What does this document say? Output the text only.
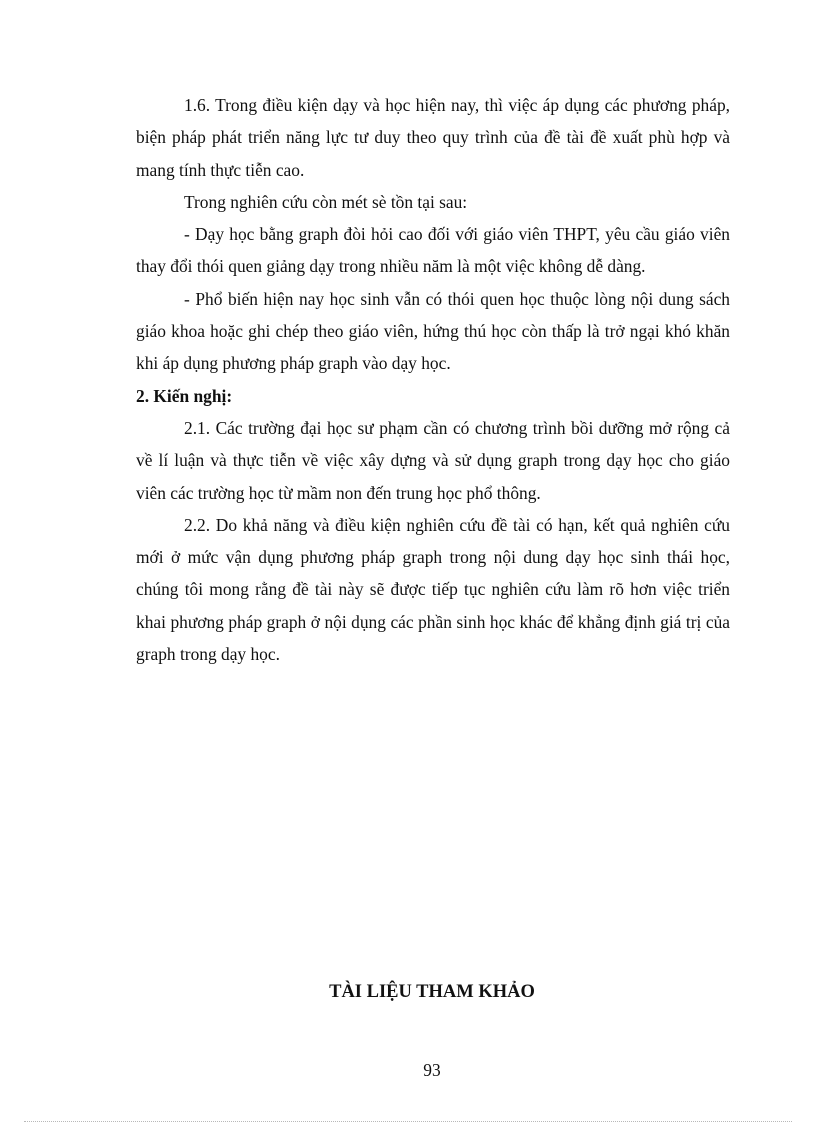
1.6. Trong điều kiện dạy và học hiện nay, thì việc áp dụng các phương pháp, biện pháp phát triển năng lực tư duy theo quy trình của đề tài đề xuất phù hợp và mang tính thực tiễn cao.

Trong nghiên cứu còn mét sè tồn tại sau:

- Dạy học bằng graph đòi hỏi cao đối với giáo viên THPT, yêu cầu giáo viên thay đổi thói quen giảng dạy trong nhiều năm là một việc không dễ dàng.

- Phổ biến hiện nay học sinh vẫn có thói quen học thuộc lòng nội dung sách giáo khoa hoặc ghi chép theo giáo viên, hứng thú học còn thấp là trở ngại khó khăn khi áp dụng phương pháp graph vào dạy học.

2. Kiến nghị:

2.1. Các trường đại học sư phạm cần có chương trình bồi dưỡng mở rộng cả về lí luận và thực tiễn về việc xây dựng và sử dụng graph trong dạy học cho giáo viên các trường học từ mầm non đến trung học phổ thông.

2.2. Do khả năng và điều kiện nghiên cứu đề tài có hạn, kết quả nghiên cứu mới ở mức vận dụng phương pháp graph trong nội dung dạy học sinh thái học, chúng tôi mong rằng đề tài này sẽ được tiếp tục nghiên cứu làm rõ hơn việc triển khai phương pháp graph ở nội dụng các phần sinh học khác để khẳng định giá trị của graph trong dạy học.

TÀI LIỆU THAM KHẢO
93
